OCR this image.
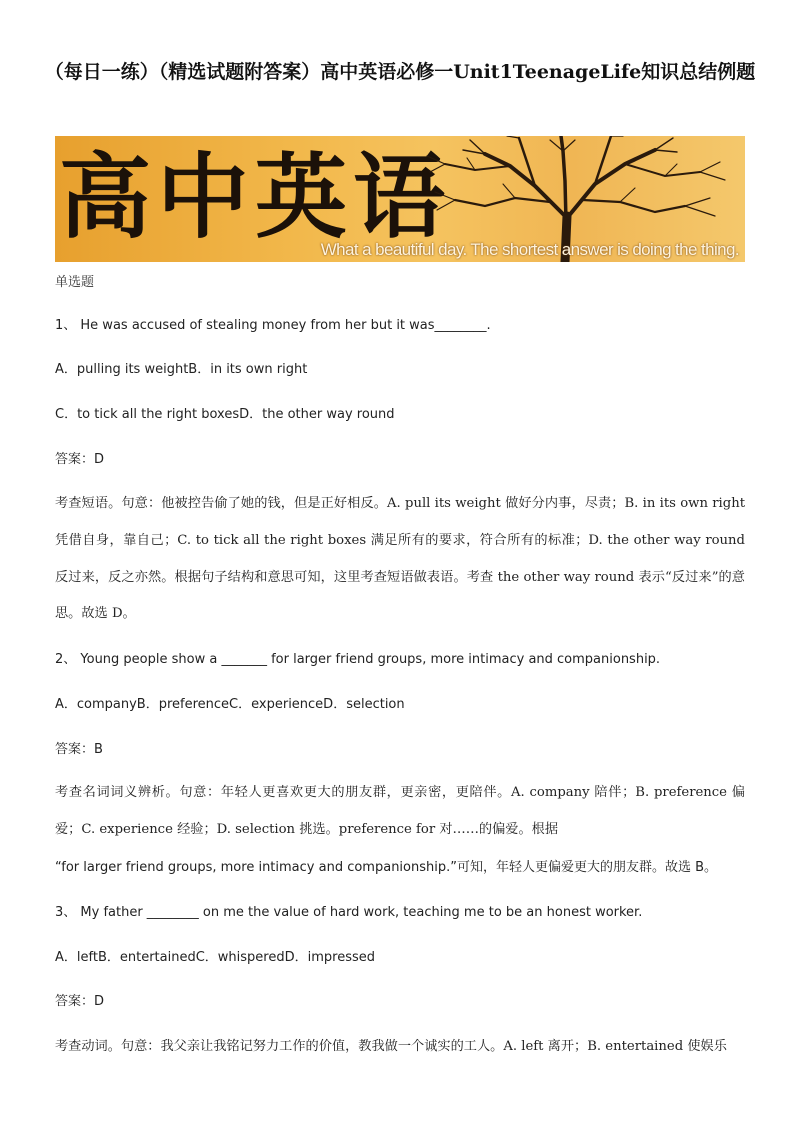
（每日一练）（精选试题附答案）高中英语必修一Unit1TeenageLife知识总结例题
高中英语
What a beautiful day. The shortest answer is doing the thing.
单选题
1、 He was accused of stealing money from her but it was________.
A．pulling its weightB．in its own right
C．to tick all the right boxesD．the other way round
答案：D
考查短语。句意：他被控告偷了她的钱，但是正好相反。A. pull its weight 做好分内事，尽责；B. in its own right 凭借自身，靠自己；C. to tick all the right boxes 满足所有的要求，符合所有的标准；D. the other way round 反过来，反之亦然。根据句子结构和意思可知，这里考查短语做表语。考查 the other way round 表示“反过来”的意思。故选 D。
2、 Young people show a _______ for larger friend groups, more intimacy and companionship.
A．companyB．preferenceC．experienceD．selection
答案：B
考查名词词义辨析。句意：年轻人更喜欢更大的朋友群，更亲密，更陪伴。A. company 陪伴；B. preference 偏爱；C. experience 经验；D. selection 挑选。preference for 对……的偏爱。根据
“for larger friend groups, more intimacy and companionship.”可知，年轻人更偏爱更大的朋友群。故选 B。
3、 My father ________ on me the value of hard work, teaching me to be an honest worker.
A．leftB．entertainedC．whisperedD．impressed
答案：D
考查动词。句意：我父亲让我铭记努力工作的价值，教我做一个诚实的工人。A. left 离开；B. entertained 使娱乐
